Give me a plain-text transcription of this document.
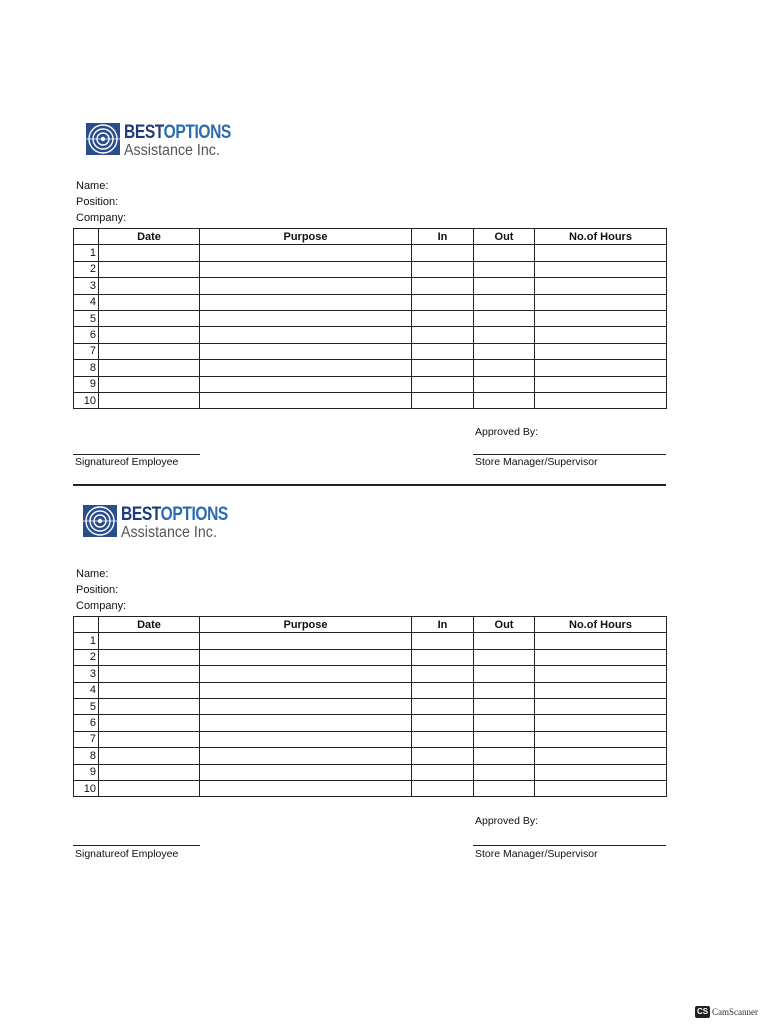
BESTOPTIONS
Assistance Inc.
Name:
Position:
Company:
	Date	Purpose	In	Out	No.of Hours
1					
2					
3					
4					
5					
6					
7					
8					
9					
10					
Approved By:
Signatureof Employee	Store Manager/Supervisor
BESTOPTIONS
Assistance Inc.
Name:
Position:
Company:
	Date	Purpose	In	Out	No.of Hours
1					
2					
3					
4					
5					
6					
7					
8					
9					
10					
Approved By:
Signatureof Employee	Store Manager/Supervisor
CS CamScanner
